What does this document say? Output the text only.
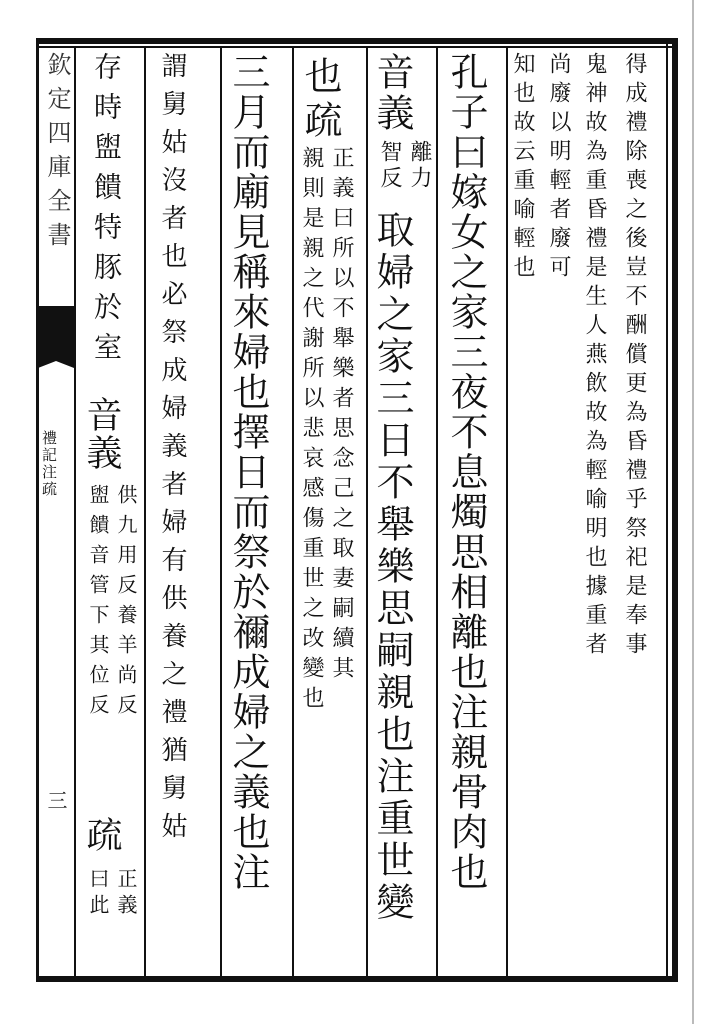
欽定四庫全書
禮記注疏
三
得成禮除喪之後豈不酬償更為昏禮乎祭祀是奉事
鬼神故為重昏禮是生人燕飲故為輕喻明也據重者
尚廢以明輕者廢可
知也故云重喻輕也
孔子曰嫁女之家三夜不息燭思相離也注親骨肉也
音義
離力
智反
取婦之家三日不舉樂思嗣親也注重世變
也
疏
正義曰所以不舉樂者思念己之取妻嗣續其
親則是親之代謝所以悲哀感傷重世之改變也
三月而廟見稱來婦也擇日而祭於禰成婦之義也注
謂舅姑沒者也必祭成婦義者婦有供養之禮猶舅姑
存時盥饋特豚於室
音義
供九用反養羊尚反
盥饋音管下其位反
疏
正義
曰此
